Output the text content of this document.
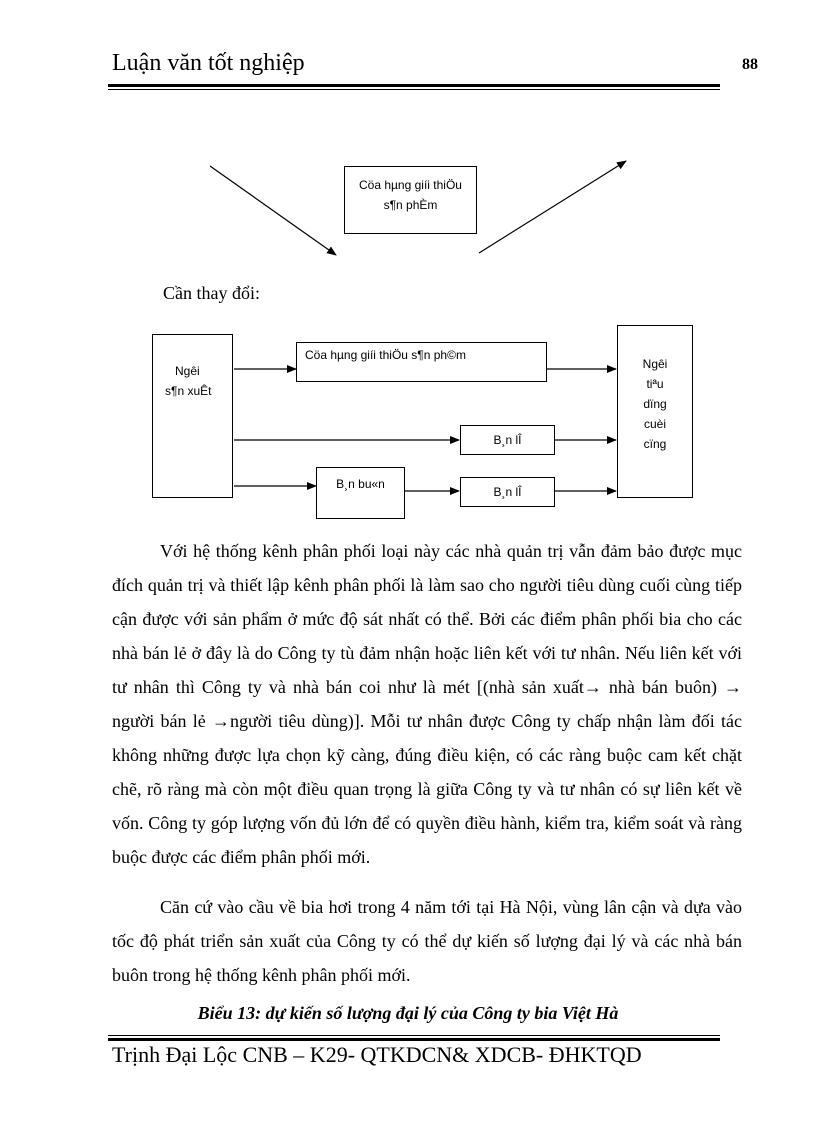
Luận văn tốt nghiệp	88
Cöa hµng giíi thiÖu
s¶n phÈm
Cần thay đổi:
Ngêi
s¶n xuÊt
Cöa hµng giíi thiÖu s¶n ph©m
B¸n lÎ
B¸n bu«n
B¸n lÎ
Ngêi
tiªu
dïng
cuèi
cïng

Với hệ thống kênh phân phối loại này các nhà quản trị vẫn đảm bảo được mục đích quản trị và thiết lập kênh phân phối là làm sao cho người tiêu dùng cuối cùng tiếp cận được với sản phẩm ở mức độ sát nhất có thể. Bởi các điểm phân phối bia cho các nhà bán lẻ ở đây là do Công ty tù đảm nhận hoặc liên kết với tư nhân. Nếu liên kết với tư nhân thì Công ty và nhà bán coi như là mét [(nhà sản xuất→ nhà bán buôn) → người bán lẻ →người tiêu dùng)]. Mỗi tư nhân được Công ty chấp nhận làm đối tác không những được lựa chọn kỹ càng, đúng điều kiện, có các ràng buộc cam kết chặt chẽ, rõ ràng mà còn một điều quan trọng là giữa Công ty và tư nhân có sự liên kết về vốn. Công ty góp lượng vốn đủ lớn để có quyền điều hành, kiểm tra, kiểm soát và ràng buộc được các điểm phân phối mới.

Căn cứ vào cầu về bia hơi trong 4 năm tới tại Hà Nội, vùng lân cận và dựa vào tốc độ phát triển sản xuất của Công ty có thể dự kiến số lượng đại lý và các nhà bán buôn trong hệ thống kênh phân phối mới.

Biểu 13: dự kiến số lượng đại lý của Công ty bia Việt Hà
Trịnh Đại Lộc CNB – K29- QTKDCN& XDCB- ĐHKTQD
